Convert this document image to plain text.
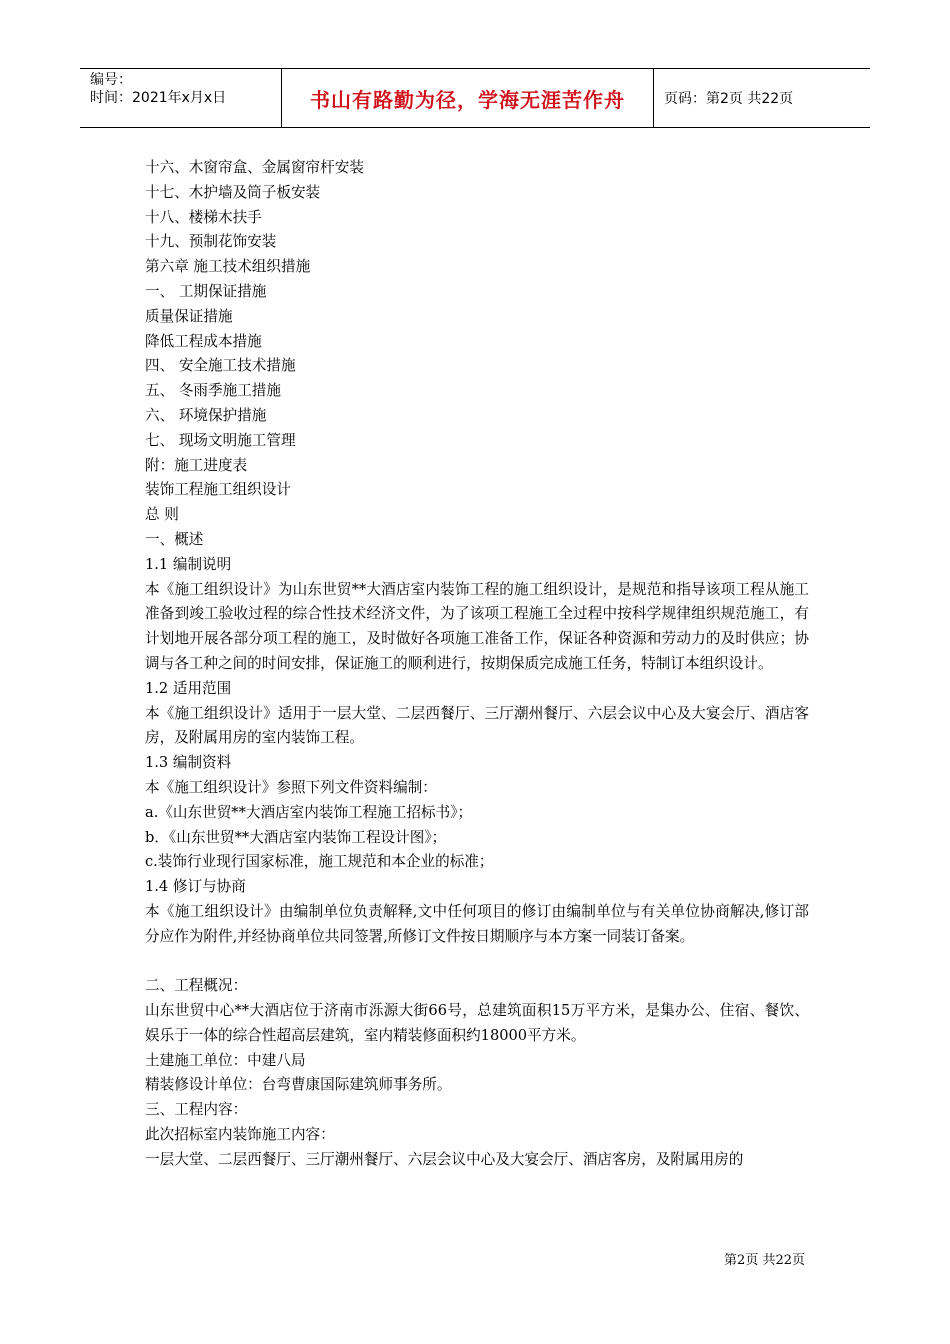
编号：
时间：2021年x月x日	书山有路勤为径，学海无涯苦作舟	页码：第2页 共22页

十六、木窗帘盒、金属窗帘杆安装

十七、木护墙及筒子板安装

十八、楼梯木扶手

十九、预制花饰安装

第六章 施工技术组织措施

一、 工期保证措施

质量保证措施

降低工程成本措施

四、 安全施工技术措施

五、 冬雨季施工措施

六、 环境保护措施

七、 现场文明施工管理

附：施工进度表

装饰工程施工组织设计

总 则

一、概述

1.1 编制说明

本《施工组织设计》为山东世贸**大酒店室内装饰工程的施工组织设计，是规范和指导该项工程从施工准备到竣工验收过程的综合性技术经济文件，为了该项工程施工全过程中按科学规律组织规范施工，有计划地开展各部分项工程的施工，及时做好各项施工准备工作，保证各种资源和劳动力的及时供应；协调与各工种之间的时间安排，保证施工的顺利进行，按期保质完成施工任务，特制订本组织设计。

1.2 适用范围

本《施工组织设计》适用于一层大堂、二层西餐厅、三厅潮州餐厅、六层会议中心及大宴会厅、酒店客房，及附属用房的室内装饰工程。

1.3 编制资料

本《施工组织设计》参照下列文件资料编制：

a.《山东世贸**大酒店室内装饰工程施工招标书》；

b．《山东世贸**大酒店室内装饰工程设计图》；

c.装饰行业现行国家标准，施工规范和本企业的标准；

1.4 修订与协商

本《施工组织设计》由编制单位负责解释,文中任何项目的修订由编制单位与有关单位协商解决,修订部分应作为附件,并经协商单位共同签署,所修订文件按日期顺序与本方案一同装订备案。

二、工程概况：

山东世贸中心**大酒店位于济南市泺源大街66号，总建筑面积15万平方米，是集办公、住宿、餐饮、娱乐于一体的综合性超高层建筑，室内精装修面积约18000平方米。

土建施工单位：中建八局

精装修设计单位：台弯曹康国际建筑师事务所。

三、工程内容：

此次招标室内装饰施工内容：

一层大堂、二层西餐厅、三厅潮州餐厅、六层会议中心及大宴会厅、酒店客房，及附属用房的

第2页 共22页
